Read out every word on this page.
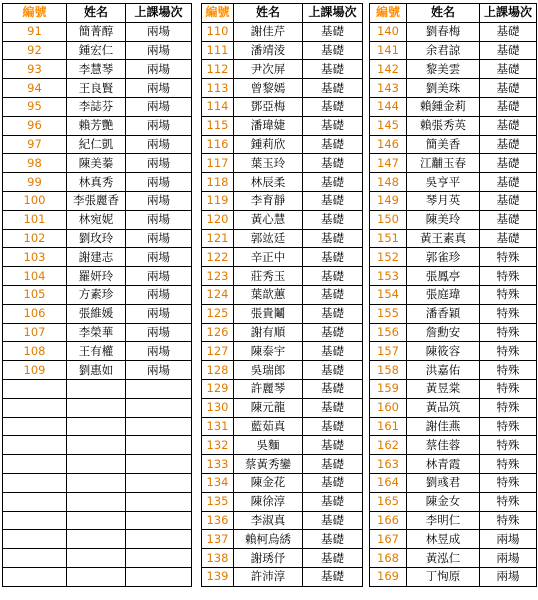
編號	姓名	上課場次
91	簡菁醇	兩場
92	鍾宏仁	兩場
93	李慧琴	兩場
94	王良賢	兩場
95	李誌芬	兩場
96	賴芳艷	兩場
97	紀仁凱	兩場
98	陳美蓁	兩場
99	林真秀	兩場
100	李張麗香	兩場
101	林宛妮	兩場
102	劉玫玲	兩場
103	謝建志	兩場
104	羅妍玲	兩場
105	方素珍	兩場
106	張維媛	兩場
107	李榮華	兩場
108	王有權	兩場
109	劉惠如	兩場

編號	姓名	上課場次
110	謝佳芹	基礎
111	潘靖淩	基礎
112	尹次屏	基礎
113	曾黎嫣	基礎
114	鄧亞梅	基礎
115	潘瑋婕	基礎
116	鍾莉欣	基礎
117	葉玉玲	基礎
118	林辰柔	基礎
119	李育靜	基礎
120	黃心慧	基礎
121	郭竑廷	基礎
122	辛正中	基礎
123	莊秀玉	基礎
124	葉歆蕙	基礎
125	張貴鬮	基礎
126	謝有順	基礎
127	陳泰宇	基礎
128	吳瑞郎	基礎
129	許麗琴	基礎
130	陳元龍	基礎
131	藍茹真	基礎
132	吳麵	基礎
133	蔡黃秀鑾	基礎
134	陳金花	基礎
135	陳徐淳	基礎
136	李淑真	基礎
137	賴柯烏綉	基礎
138	謝琇伃	基礎
139	許沛淳	基礎
編號	姓名	上課場次
140	劉春梅	基礎
141	余君諒	基礎
142	黎美雲	基礎
143	劉美珠	基礎
144	賴鍾金莉	基礎
145	賴張秀英	基礎
146	簡美香	基礎
147	江黼玉春	基礎
148	吳亨平	基礎
149	琴月英	基礎
150	陳美玲	基礎
151	黃王素真	基礎
152	郭雀珍	特殊
153	張鳳亭	特殊
154	張庭瑋	特殊
155	潘香穎	特殊
156	詹勳安	特殊
157	陳筱容	特殊
158	洪嘉佑	特殊
159	黃昱棠	特殊
160	黃品筑	特殊
161	謝佳燕	特殊
162	蔡佳蓉	特殊
163	林青霞	特殊
164	劉彧君	特殊
165	陳金女	特殊
166	李明仁	特殊
167	林昱成	兩場
168	黃泓仁	兩場
169	丁恂原	兩場
